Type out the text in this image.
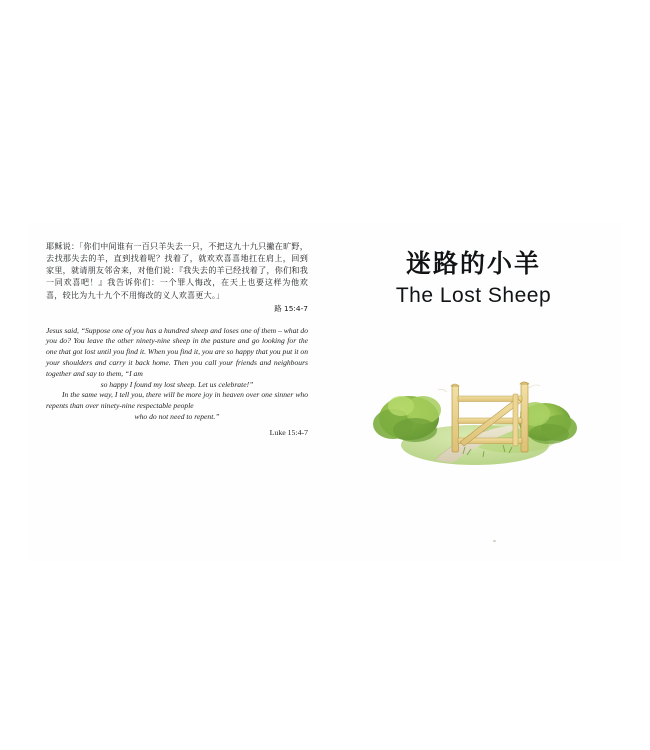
耶稣说：「你们中间谁有一百只羊失去一只，不把这九十九只撇在旷野，去找那失去的羊，直到找着呢？找着了，就欢欢喜喜地扛在肩上，回到家里，就请朋友邻舍来，对他们说：『我失去的羊已经找着了，你们和我一同欢喜吧！』我告诉你们：一个罪人悔改，在天上也要这样为他欢喜，较比为九十九个不用悔改的义人欢喜更大。」
路 15:4-7
Jesus said, “Suppose one of you has a hundred sheep and loses one of them – what do you do? You leave the other ninety-nine sheep in the pasture and go looking for the one that got lost until you find it. When you find it, you are so happy that you put it on your shoulders and carry it back home. Then you call your friends and neighbours together and say to them, “I am
so happy I found my lost sheep. Let us celebrate!”
In the same way, I tell you, there will be more joy in heaven over one sinner who repents than over ninety-nine respectable people
who do not need to repent.”
Luke 15:4-7
迷路的小羊
The Lost Sheep
